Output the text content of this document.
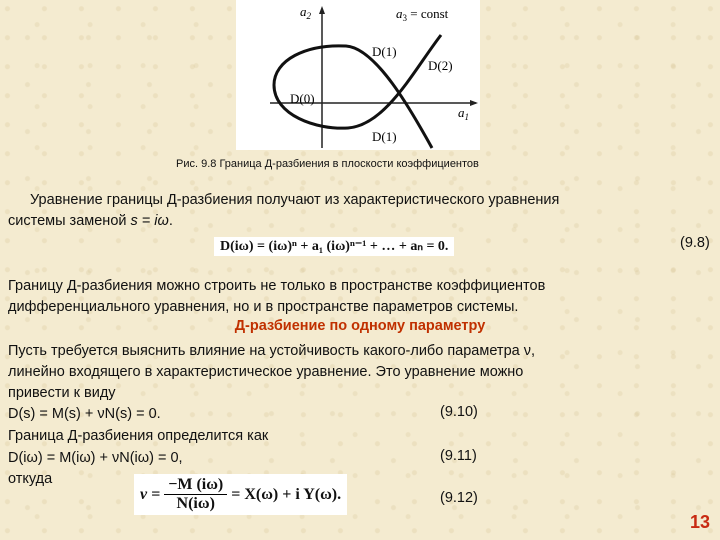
$a_2$	$a_3$ = const
$a_1$
D(1)
D(2)
D(0)
D(1)
Рис. 9.8 Граница Д-разбиения в плоскости коэффициентов
Уравнение границы Д-разбиения получают из характеристического уравнения
системы заменой s = iω.
D(iω) = (iω)ⁿ + a₁ (iω)ⁿ⁻¹ + … + aₙ = 0.	(9.8)
Границу Д-разбиения можно строить не только в пространстве коэффициентов
дифференциального уравнения, но и в пространстве параметров системы.
Д-разбиение по одному параметру
Пусть требуется выяснить влияние на устойчивость какого-либо параметра ν,
линейно входящего в характеристическое уравнение. Это уравнение можно
привести к виду
D(s) = M(s) + νN(s) = 0.	(9.10)
Граница Д-разбиения определится как
D(iω) = M(iω) + νN(iω) = 0,	(9.11)
откуда
$\nu = \frac{-M (i\omega)}{N(i\omega)} = X(\omega) + i$ Y(ω).	(9.12)
13
